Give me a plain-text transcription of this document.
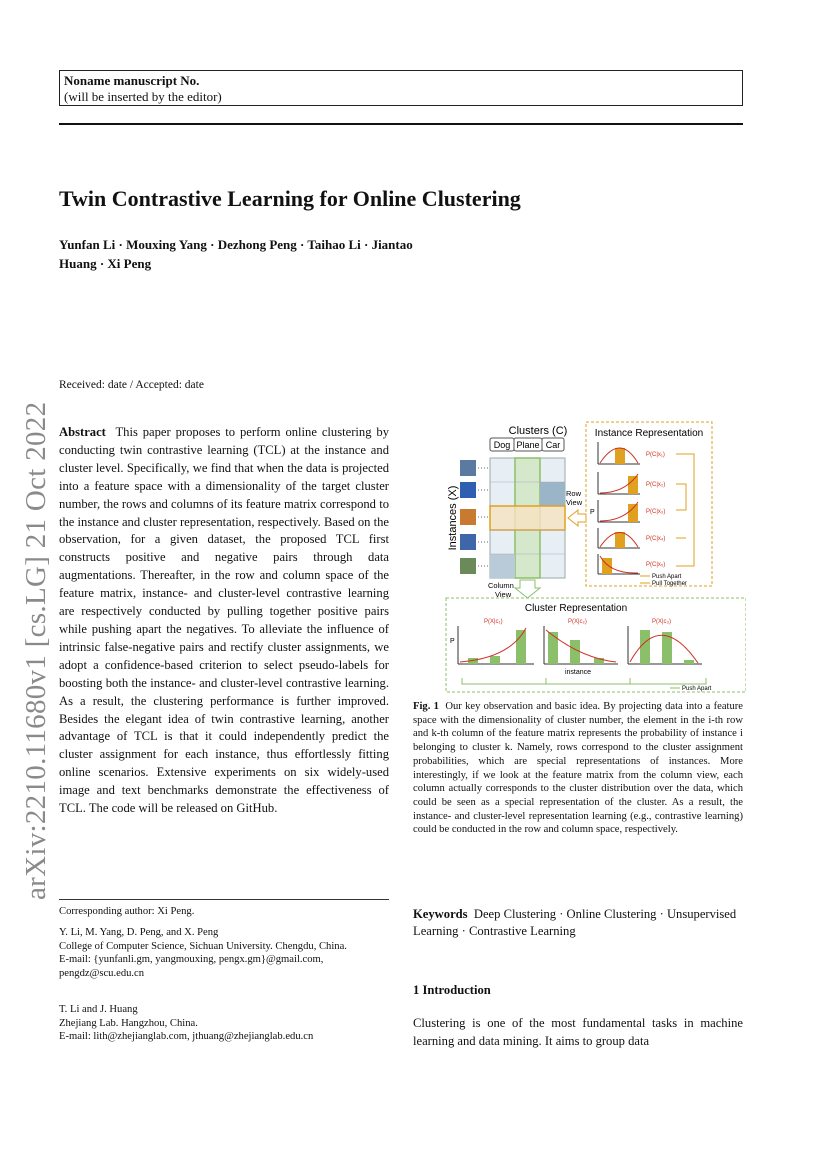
Noname manuscript No.
(will be inserted by the editor)
Twin Contrastive Learning for Online Clustering
Yunfan Li · Mouxing Yang · Dezhong Peng · Taihao Li · Jiantao
Huang · Xi Peng
arXiv:2210.11680v1 [cs.LG] 21 Oct 2022
Received: date / Accepted: date
Abstract This paper proposes to perform online clustering by conducting twin contrastive learning (TCL) at the instance and cluster level. Specifically, we find that when the data is projected into a feature space with a dimensionality of the target cluster number, the rows and columns of its feature matrix correspond to the instance and cluster representation, respectively. Based on the observation, for a given dataset, the proposed TCL first constructs positive and negative pairs through data augmentations. Thereafter, in the row and column space of the feature matrix, instance- and cluster-level contrastive learning are respectively conducted by pulling together positive pairs while pushing apart the negatives. To alleviate the influence of intrinsic false-negative pairs and rectify cluster assignments, we adopt a confidence-based criterion to select pseudo-labels for boosting both the instance- and cluster-level contrastive learning. As a result, the clustering performance is further improved. Besides the elegant idea of twin contrastive learning, another advantage of TCL is that it could independently predict the cluster assignment for each instance, thus effortlessly fitting online scenarios. Extensive experiments on six widely-used image and text benchmarks demonstrate the effectiveness of TCL. The code will be released on GitHub.
Corresponding author: Xi Peng.
Y. Li, M. Yang, D. Peng, and X. Peng
College of Computer Science, Sichuan University. Chengdu, China.
E-mail: {yunfanli.gm, yangmouxing, pengx.gm}@gmail.com, pengdz@scu.edu.cn
T. Li and J. Huang
Zhejiang Lab. Hangzhou, China.
E-mail: lith@zhejianglab.com, jthuang@zhejianglab.edu.cn
Clusters (C)
Dog Plane Car
Instances (X)	Row
View
Column
View
Instance Representation
P
P(C|x₁)
P(C|x₂)
P(C|x₃)
P(C|x₄)
P(C|x₅)
Push Apart
Pull Together
Cluster Representation
P
P(X|c₁)	P(X|c₂)
instance
P(X|c₃)
Push Apart
Fig. 1 Our key observation and basic idea. By projecting data into a feature space with the dimensionality of cluster number, the element in the i-th row and k-th column of the feature matrix represents the probability of instance i belonging to cluster k. Namely, rows correspond to the cluster assignment probabilities, which are special representations of instances. More interestingly, if we look at the feature matrix from the column view, each column actually corresponds to the cluster distribution over the data, which could be seen as a special representation of the cluster. As a result, the instance- and cluster-level representation learning (e.g., contrastive learning) could be conducted in the row and column space, respectively.
Keywords Deep Clustering · Online Clustering · Unsupervised Learning · Contrastive Learning
1 Introduction
Clustering is one of the most fundamental tasks in machine learning and data mining. It aims to group data
